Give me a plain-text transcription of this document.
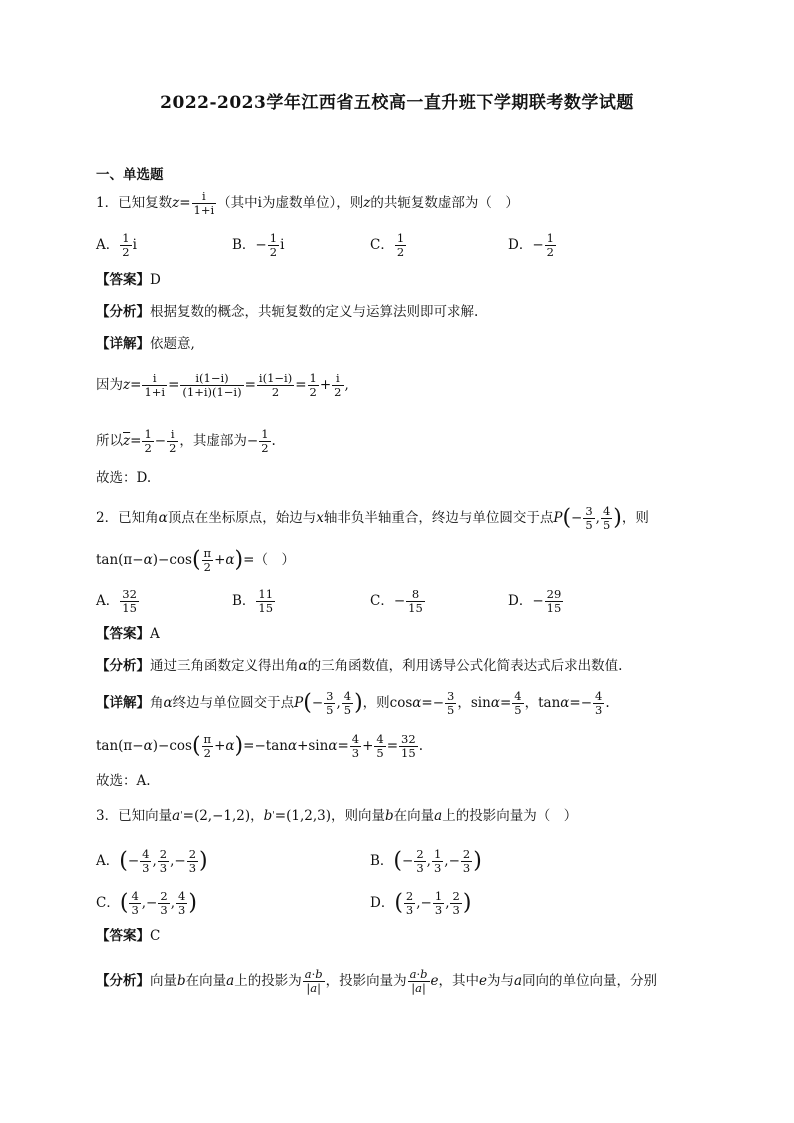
2022-2023学年江西省五校高一直升班下学期联考数学试题
一、单选题
1．已知复数$z= \frac{i}{1+i}$ （其中i为虚数单位），则z的共轭复数虚部为（　）
A． $\frac{1}{2}$ i	B．− $\frac{1}{2}$ i	C． $\frac{1}{2}$	D．− $\frac{1}{2}$
【答案】D
【分析】根据复数的概念，共轭复数的定义与运算法则即可求解.
【详解】依题意,
因为$z= \frac{i}{1+i} = \frac{i(1-i)}{(1+i)(1-i)} = \frac{i(1-i)}{2} = \frac{1}{2} + \frac{i}{2}$ ,
所以$\overline{z}= \frac{1}{2} - \frac{i}{2}$ ，其虚部为− $\frac{1}{2}$ .
故选：D.
2．已知角α顶点在坐标原点，始边与x轴非负半轴重合，终边与单位圆交于点$P(- \frac{3}{5}$ , $\frac{4}{5}$ )，则
$\tan(\pi-\alpha)-\cos( \frac{\pi}{2} +\alpha)=$（　）
A． $\frac{32}{15}$	B． $\frac{11}{15}$	C．− $\frac{8}{15}$	D．− $\frac{29}{15}$
【答案】A
【分析】通过三角函数定义得出角α的三角函数值，利用诱导公式化简表达式后求出数值.
【详解】角α终边与单位圆交于点$P(- \frac{3}{5}$ , $\frac{4}{5}$ )，则$\cos\alpha=- \frac{3}{5}$ ，$\sin\alpha= \frac{4}{5}$ ，$\tan\alpha=- \frac{4}{3}$ .
$\tan(\pi-\alpha)-\cos( \frac{\pi}{2} +\alpha)=-\tan\alpha+\sin\alpha= \frac{4}{3} + \frac{4}{5} = \frac{32}{15}$ .
故选：A.
3．已知向量a'=(2,−1,2)，b'=(1,2,3)，则向量b在向量a上的投影向量为（　）
A．(− $\frac{4}{3}$ , $\frac{2}{3}$ ,− $\frac{2}{3}$ )	B．(− $\frac{2}{3}$ , $\frac{1}{3}$ ,− $\frac{2}{3}$ )
C．( $\frac{4}{3}$ ,− $\frac{2}{3}$ , $\frac{4}{3}$ )	D．( $\frac{2}{3}$ ,− $\frac{1}{3}$ , $\frac{2}{3}$ )
【答案】C
【分析】向量b在向量a上的投影为 $\frac{a\cdot b}{|a|}$ ，投影向量为 $\frac{a\cdot b}{|a|}$ e，其中e为与a同向的单位向量，分别
